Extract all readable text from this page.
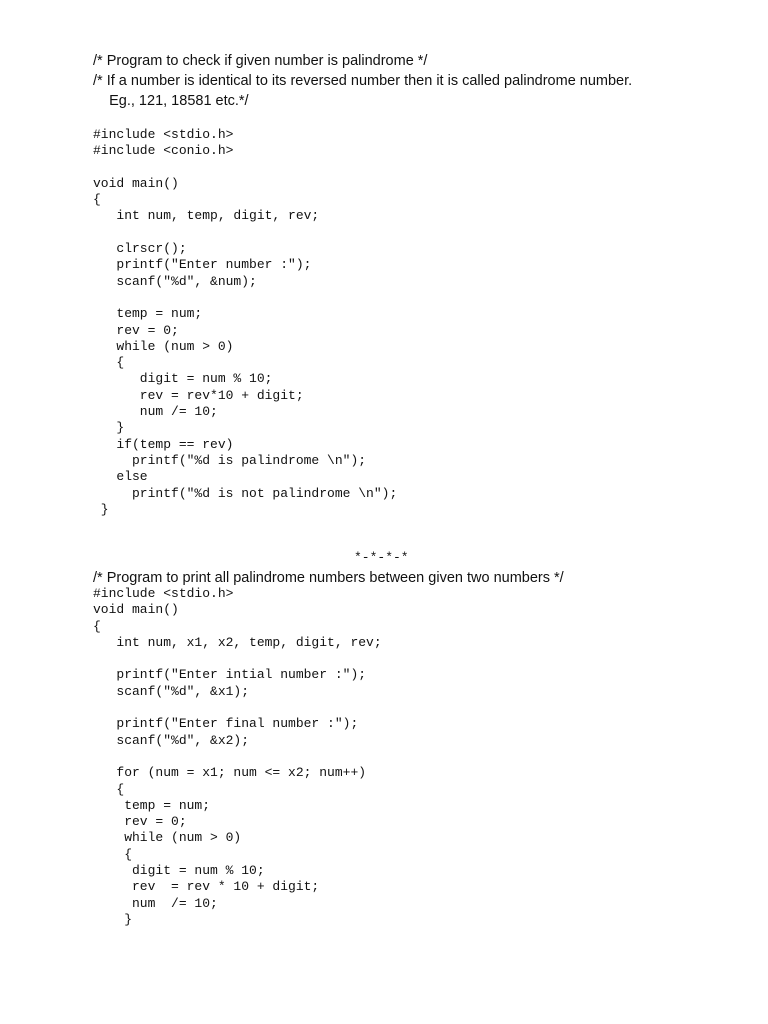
/* Program to check if given number is palindrome */
/* If a number is identical to its reversed number then it is called palindrome number.
Eg., 121, 18581 etc.*/
#include <stdio.h>
#include <conio.h>
void main()
{
int num, temp, digit, rev;
clrscr();
printf("Enter number :");
scanf("%d", &num);
temp = num;
rev = 0;
while (num > 0)
{
digit = num % 10;
rev = rev*10 + digit;
num /= 10;
}
if(temp == rev)
printf("%d is palindrome \n");
else
printf("%d is not palindrome \n");
}
*-*-*-*
/* Program to print all palindrome numbers between given two numbers */
#include <stdio.h>
void main()
{
int num, x1, x2, temp, digit, rev;
printf("Enter intial number :");
scanf("%d", &x1);
printf("Enter final number :");
scanf("%d", &x2);
for (num = x1; num <= x2; num++)
{
temp = num;
rev = 0;
while (num > 0)
{
digit = num % 10;
rev  = rev * 10 + digit;
num  /= 10;
}
